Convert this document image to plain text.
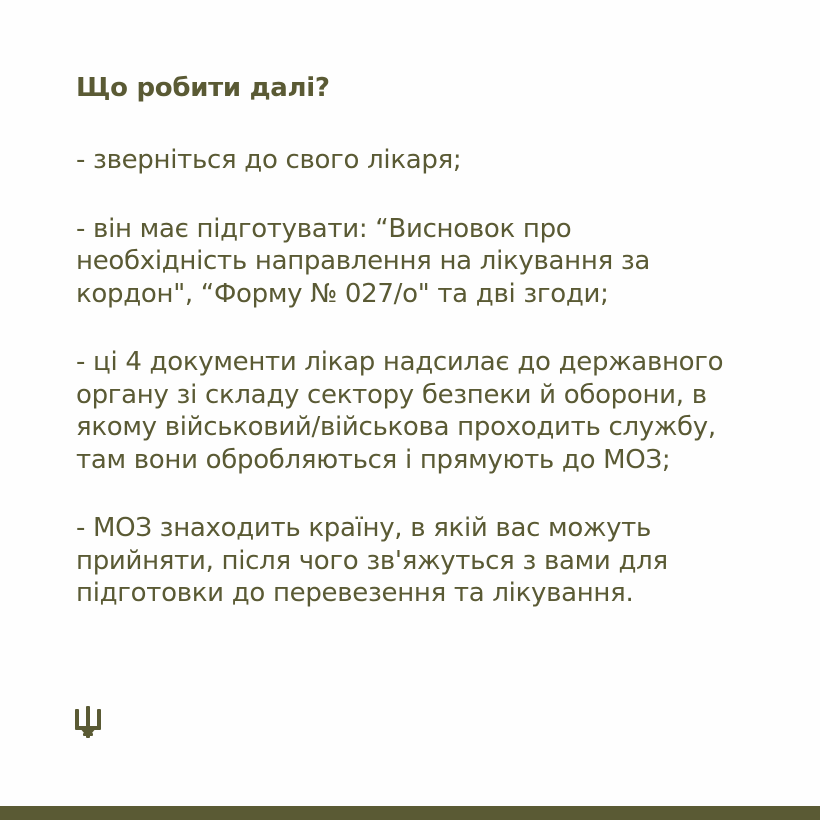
Що робити далі?

- зверніться до свого лікаря;

- він має підготувати: “Висновок про
необхідність направлення на лікування за
кордон", “Форму № 027/о" та дві згоди;

- ці 4 документи лікар надсилає до державного
органу зі складу сектору безпеки й оборони, в
якому військовий/військова проходить службу,
там вони обробляються і прямують до МОЗ;

- МОЗ знаходить країну, в якій вас можуть
прийняти, після чого зв'яжуться з вами для
підготовки до перевезення та лікування.
